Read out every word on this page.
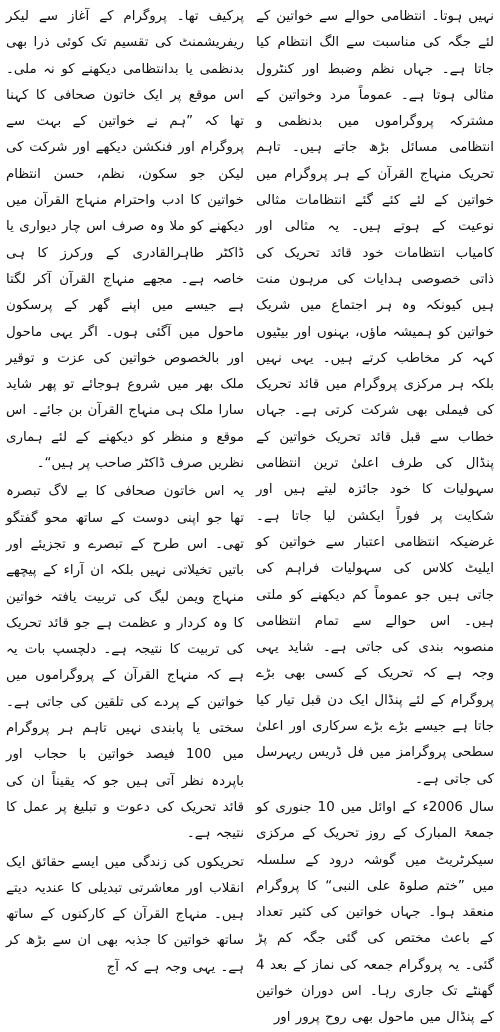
نہیں ہوتا۔ انتظامی حوالے سے خواتین کے لئے جگہ کی مناسبت سے الگ انتظام کیا جاتا ہے۔ جہاں نظم وضبط اور کنٹرول مثالی ہوتا ہے۔ عموماً مرد وخواتین کے مشترکہ پروگراموں میں بدنظمی و انتظامی مسائل بڑھ جاتے ہیں۔ تاہم تحریک منہاج القرآن کے ہر پروگرام میں خواتین کے لئے کئے گئے انتظامات مثالی نوعیت کے ہوتے ہیں۔ یہ مثالی اور کامیاب انتظامات خود قائد تحریک کی ذاتی خصوصی ہدایات کی مرہون منت ہیں کیونکہ وہ ہر اجتماع میں شریک خواتین کو ہمیشہ ماؤں، بہنوں اور بیٹیوں کہہ کر مخاطب کرتے ہیں۔ یہی نہیں بلکہ ہر مرکزی پروگرام میں قائد تحریک کی فیملی بھی شرکت کرتی ہے۔ جہاں خطاب سے قبل قائد تحریک خواتین کے پنڈال کی طرف اعلیٰ ترین انتظامی سہولیات کا خود جائزہ لیتے ہیں اور شکایت پر فوراً ایکشن لیا جاتا ہے۔ غرضیکہ انتظامی اعتبار سے خواتین کو ایلیٹ کلاس کی سہولیات فراہم کی جاتی ہیں جو عموماً کم دیکھنے کو ملتی ہیں۔ اس حوالے سے تمام انتظامی منصوبہ بندی کی جاتی ہے۔ شاید یہی وجہ ہے کہ تحریک کے کسی بھی بڑے پروگرام کے لئے پنڈال ایک دن قبل تیار کیا جاتا ہے جیسے بڑے بڑے سرکاری اور اعلیٰ سطحی پروگرامز میں فل ڈریس ریہرسل کی جاتی ہے۔

سال 2006ء کے اوائل میں 10 جنوری کو جمعۃ المبارک کے روز تحریک کے مرکزی سیکرٹریٹ میں گوشہ درود کے سلسلہ میں ”ختم صلوۃ علی النبی“ کا پروگرام منعقد ہوا۔ جہاں خواتین کی کثیر تعداد کے باعث مختص کی گئی جگہ کم پڑ گئی۔ یہ پروگرام جمعہ کی نماز کے بعد 4 گھنٹے تک جاری رہا۔ اس دوران خواتین کے پنڈال میں ماحول بھی روح پرور اور

پرکیف تھا۔ پروگرام کے آغاز سے لیکر ریفریشمنٹ کی تقسیم تک کوئی ذرا بھی بدنظمی یا بدانتظامی دیکھنے کو نہ ملی۔ اس موقع پر ایک خاتون صحافی کا کہنا تھا کہ ”ہم نے خواتین کے بہت سے پروگرام اور فنکشن دیکھے اور شرکت کی لیکن جو سکون، نظم، حسن انتظام خواتین کا ادب واحترام منہاج القرآن میں دیکھنے کو ملا وہ صرف اس چار دیواری یا ڈاکٹر طاہرالقادری کے ورکرز کا ہی خاصہ ہے۔ مجھے منہاج القرآن آکر لگتا ہے جیسے میں اپنے گھر کے پرسکون ماحول میں آگئی ہوں۔ اگر یہی ماحول اور بالخصوص خواتین کی عزت و توقیر ملک بھر میں شروع ہوجائے تو پھر شاید سارا ملک ہی منہاج القرآن بن جائے۔ اس موقع و منظر کو دیکھنے کے لئے ہماری نظریں صرف ڈاکٹر صاحب پر ہیں“۔

یہ اس خاتون صحافی کا بے لاگ تبصرہ تھا جو اپنی دوست کے ساتھ محو گفتگو تھی۔ اس طرح کے تبصرے و تجزیئے اور باتیں تخیلاتی نہیں بلکہ ان آراء کے پیچھے منہاج ویمن لیگ کی تربیت یافتہ خواتین کا وہ کردار و عظمت ہے جو قائد تحریک کی تربیت کا نتیجہ ہے۔ دلچسپ بات یہ ہے کہ منہاج القرآن کے پروگراموں میں خواتین کے پردے کی تلقین کی جاتی ہے۔ سختی یا پابندی نہیں تاہم ہر پروگرام میں 100 فیصد خواتین با حجاب اور باپردہ نظر آتی ہیں جو کہ یقیناً ان کی قائد تحریک کی دعوت و تبلیغ پر عمل کا نتیجہ ہے۔

تحریکوں کی زندگی میں ایسے حقائق ایک انقلاب اور معاشرتی تبدیلی کا عندیہ دیتے ہیں۔ منہاج القرآن کے کارکنوں کے ساتھ ساتھ خواتین کا جذبہ بھی ان سے بڑھ کر ہے۔ یہی وجہ ہے کہ آج
